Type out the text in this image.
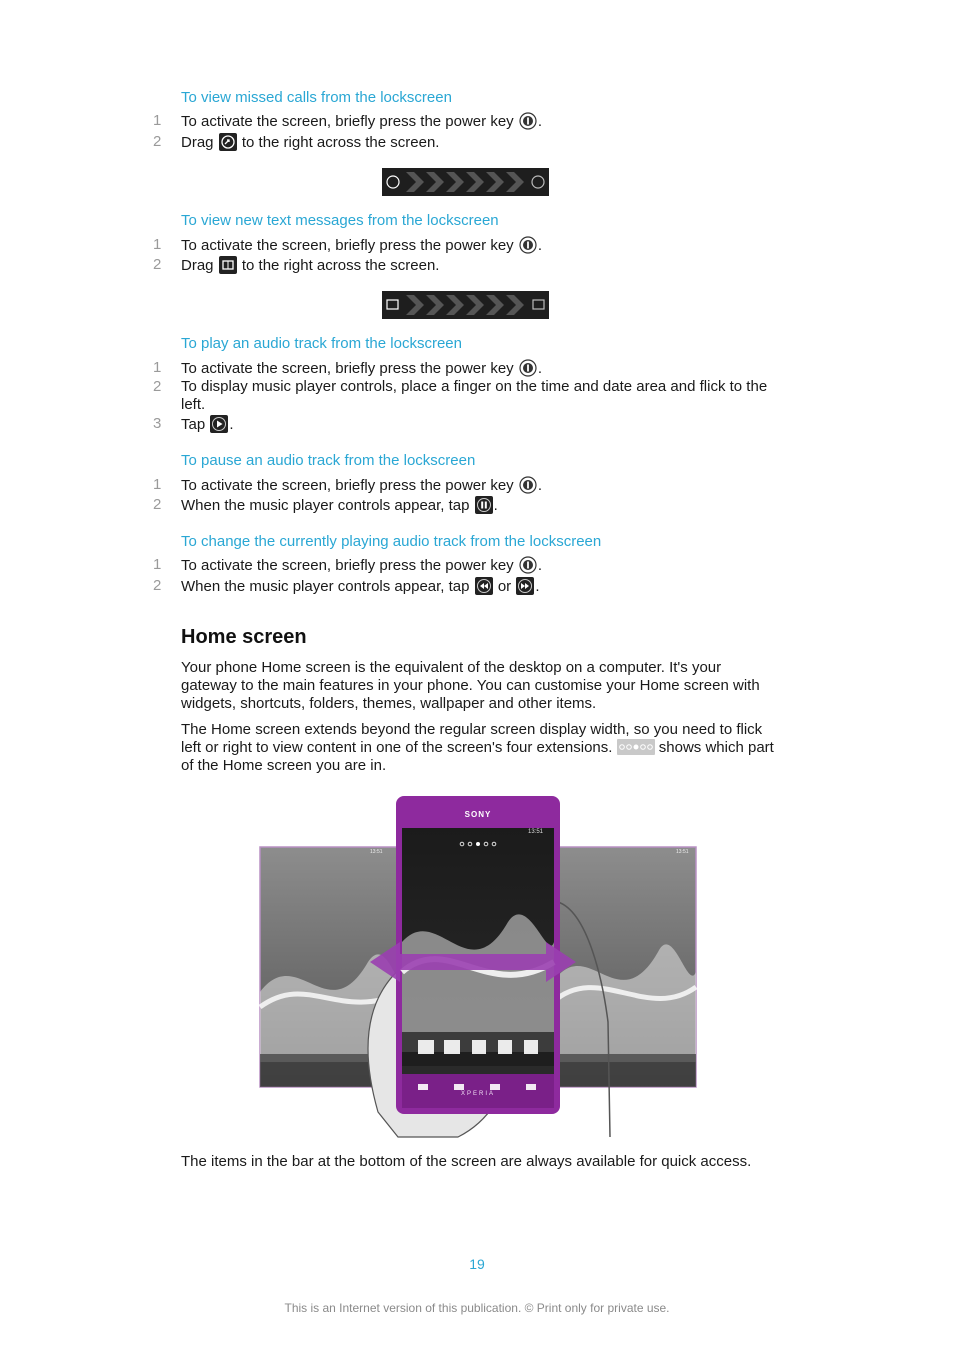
To view missed calls from the lockscreen
1	To activate the screen, briefly press the power key .
2	Drag to the right across the screen.
To view new text messages from the lockscreen
1	To activate the screen, briefly press the power key .
2	Drag to the right across the screen.
To play an audio track from the lockscreen
1	To activate the screen, briefly press the power key .
2	To display music player controls, place a finger on the time and date area and flick to the left.
3	Tap .
To pause an audio track from the lockscreen
1	To activate the screen, briefly press the power key .
2	When the music player controls appear, tap .
To change the currently playing audio track from the lockscreen
1	To activate the screen, briefly press the power key .
2	When the music player controls appear, tap or .
Home screen
Your phone Home screen is the equivalent of the desktop on a computer. It's your gateway to the main features in your phone. You can customise your Home screen with widgets, shortcuts, folders, themes, wallpaper and other items.
The Home screen extends beyond the regular screen display width, so you need to flick left or right to view content in one of the screen's four extensions.	shows which part of the Home screen you are in.
SONY
13:51
13:51	13:51
XPERIA
The items in the bar at the bottom of the screen are always available for quick access.
19
This is an Internet version of this publication. © Print only for private use.
